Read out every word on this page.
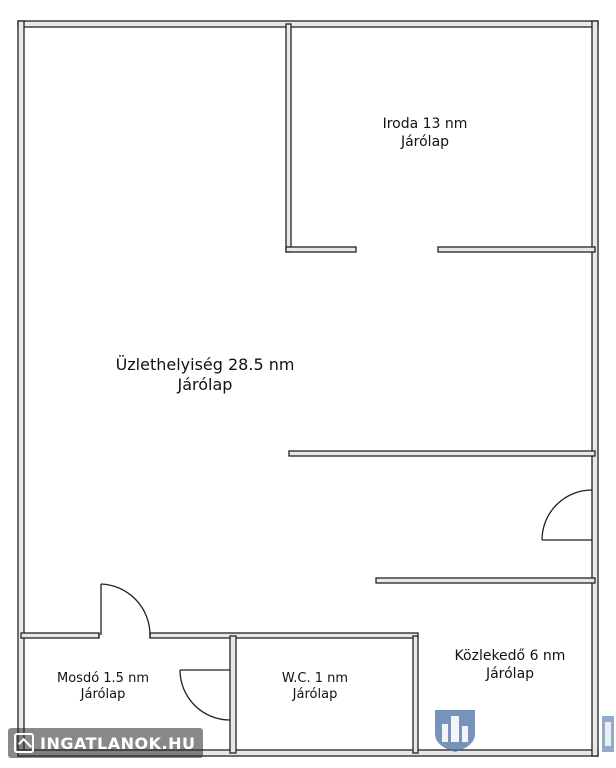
Iroda 13 nm
Járólap
Üzlethelyiség 28.5 nm
Járólap
Közlekedő 6 nm
Járólap
Mosdó 1.5 nm
Járólap
W.C. 1 nm
Járólap
INGATLANOK.HU
